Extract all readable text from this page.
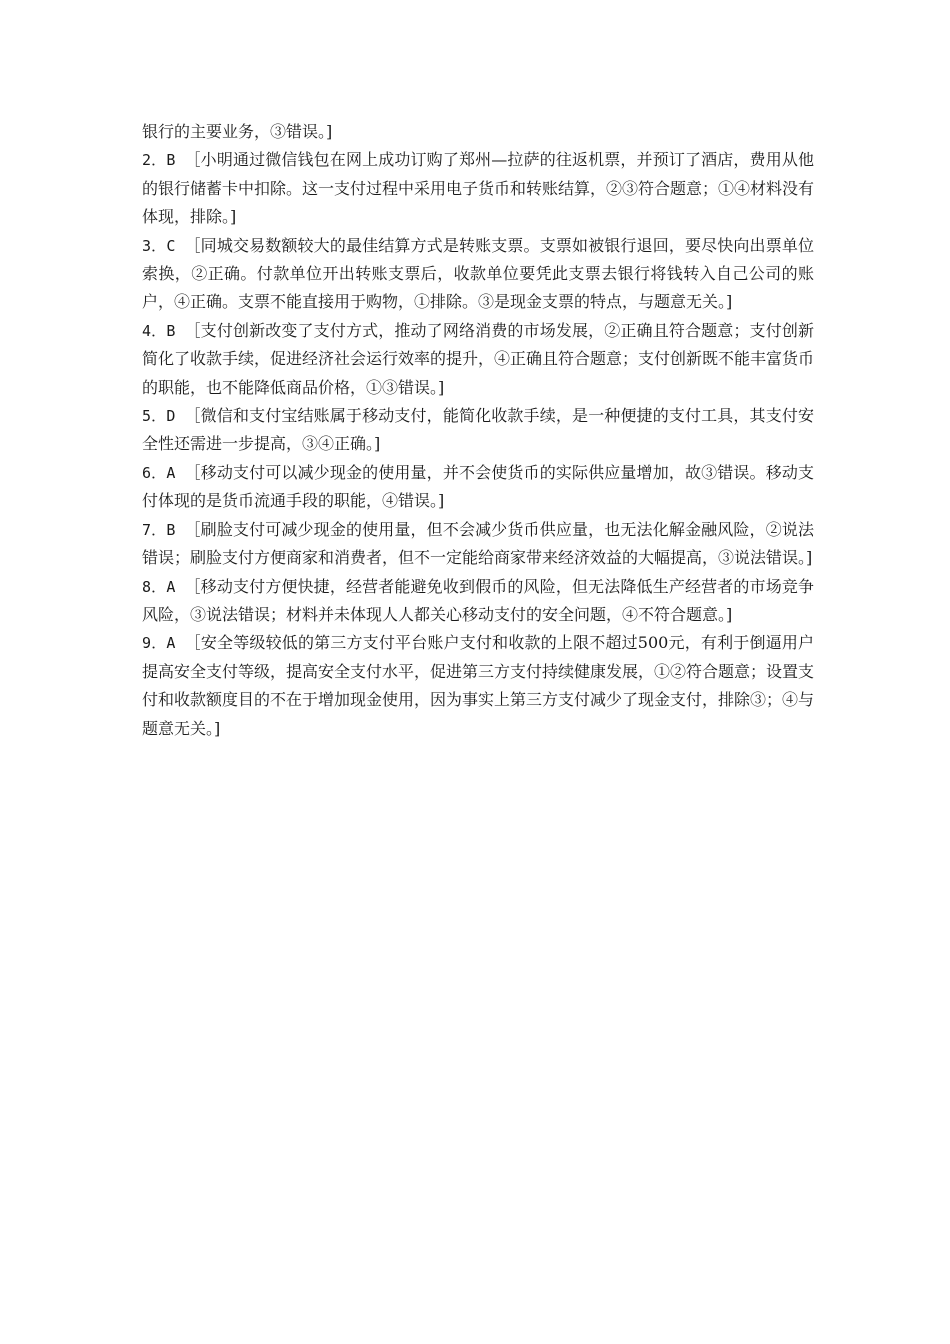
银行的主要业务，③错误。]

2．B ［小明通过微信钱包在网上成功订购了郑州—拉萨的往返机票，并预订了酒店，费用从他的银行储蓄卡中扣除。这一支付过程中采用电子货币和转账结算，②③符合题意；①④材料没有体现，排除。]

3．C ［同城交易数额较大的最佳结算方式是转账支票。支票如被银行退回，要尽快向出票单位索换，②正确。付款单位开出转账支票后，收款单位要凭此支票去银行将钱转入自己公司的账户，④正确。支票不能直接用于购物，①排除。③是现金支票的特点，与题意无关。]

4．B ［支付创新改变了支付方式，推动了网络消费的市场发展，②正确且符合题意；支付创新简化了收款手续，促进经济社会运行效率的提升，④正确且符合题意；支付创新既不能丰富货币的职能，也不能降低商品价格，①③错误。]

5．D ［微信和支付宝结账属于移动支付，能简化收款手续，是一种便捷的支付工具，其支付安全性还需进一步提高，③④正确。]

6．A ［移动支付可以减少现金的使用量，并不会使货币的实际供应量增加，故③错误。移动支付体现的是货币流通手段的职能，④错误。]

7．B ［刷脸支付可减少现金的使用量，但不会减少货币供应量，也无法化解金融风险，②说法错误；刷脸支付方便商家和消费者，但不一定能给商家带来经济效益的大幅提高，③说法错误。]

8．A ［移动支付方便快捷，经营者能避免收到假币的风险，但无法降低生产经营者的市场竞争风险，③说法错误；材料并未体现人人都关心移动支付的安全问题，④不符合题意。]

9．A ［安全等级较低的第三方支付平台账户支付和收款的上限不超过500元，有利于倒逼用户提高安全支付等级，提高安全支付水平，促进第三方支付持续健康发展，①②符合题意；设置支付和收款额度目的不在于增加现金使用，因为事实上第三方支付减少了现金支付，排除③；④与题意无关。]
